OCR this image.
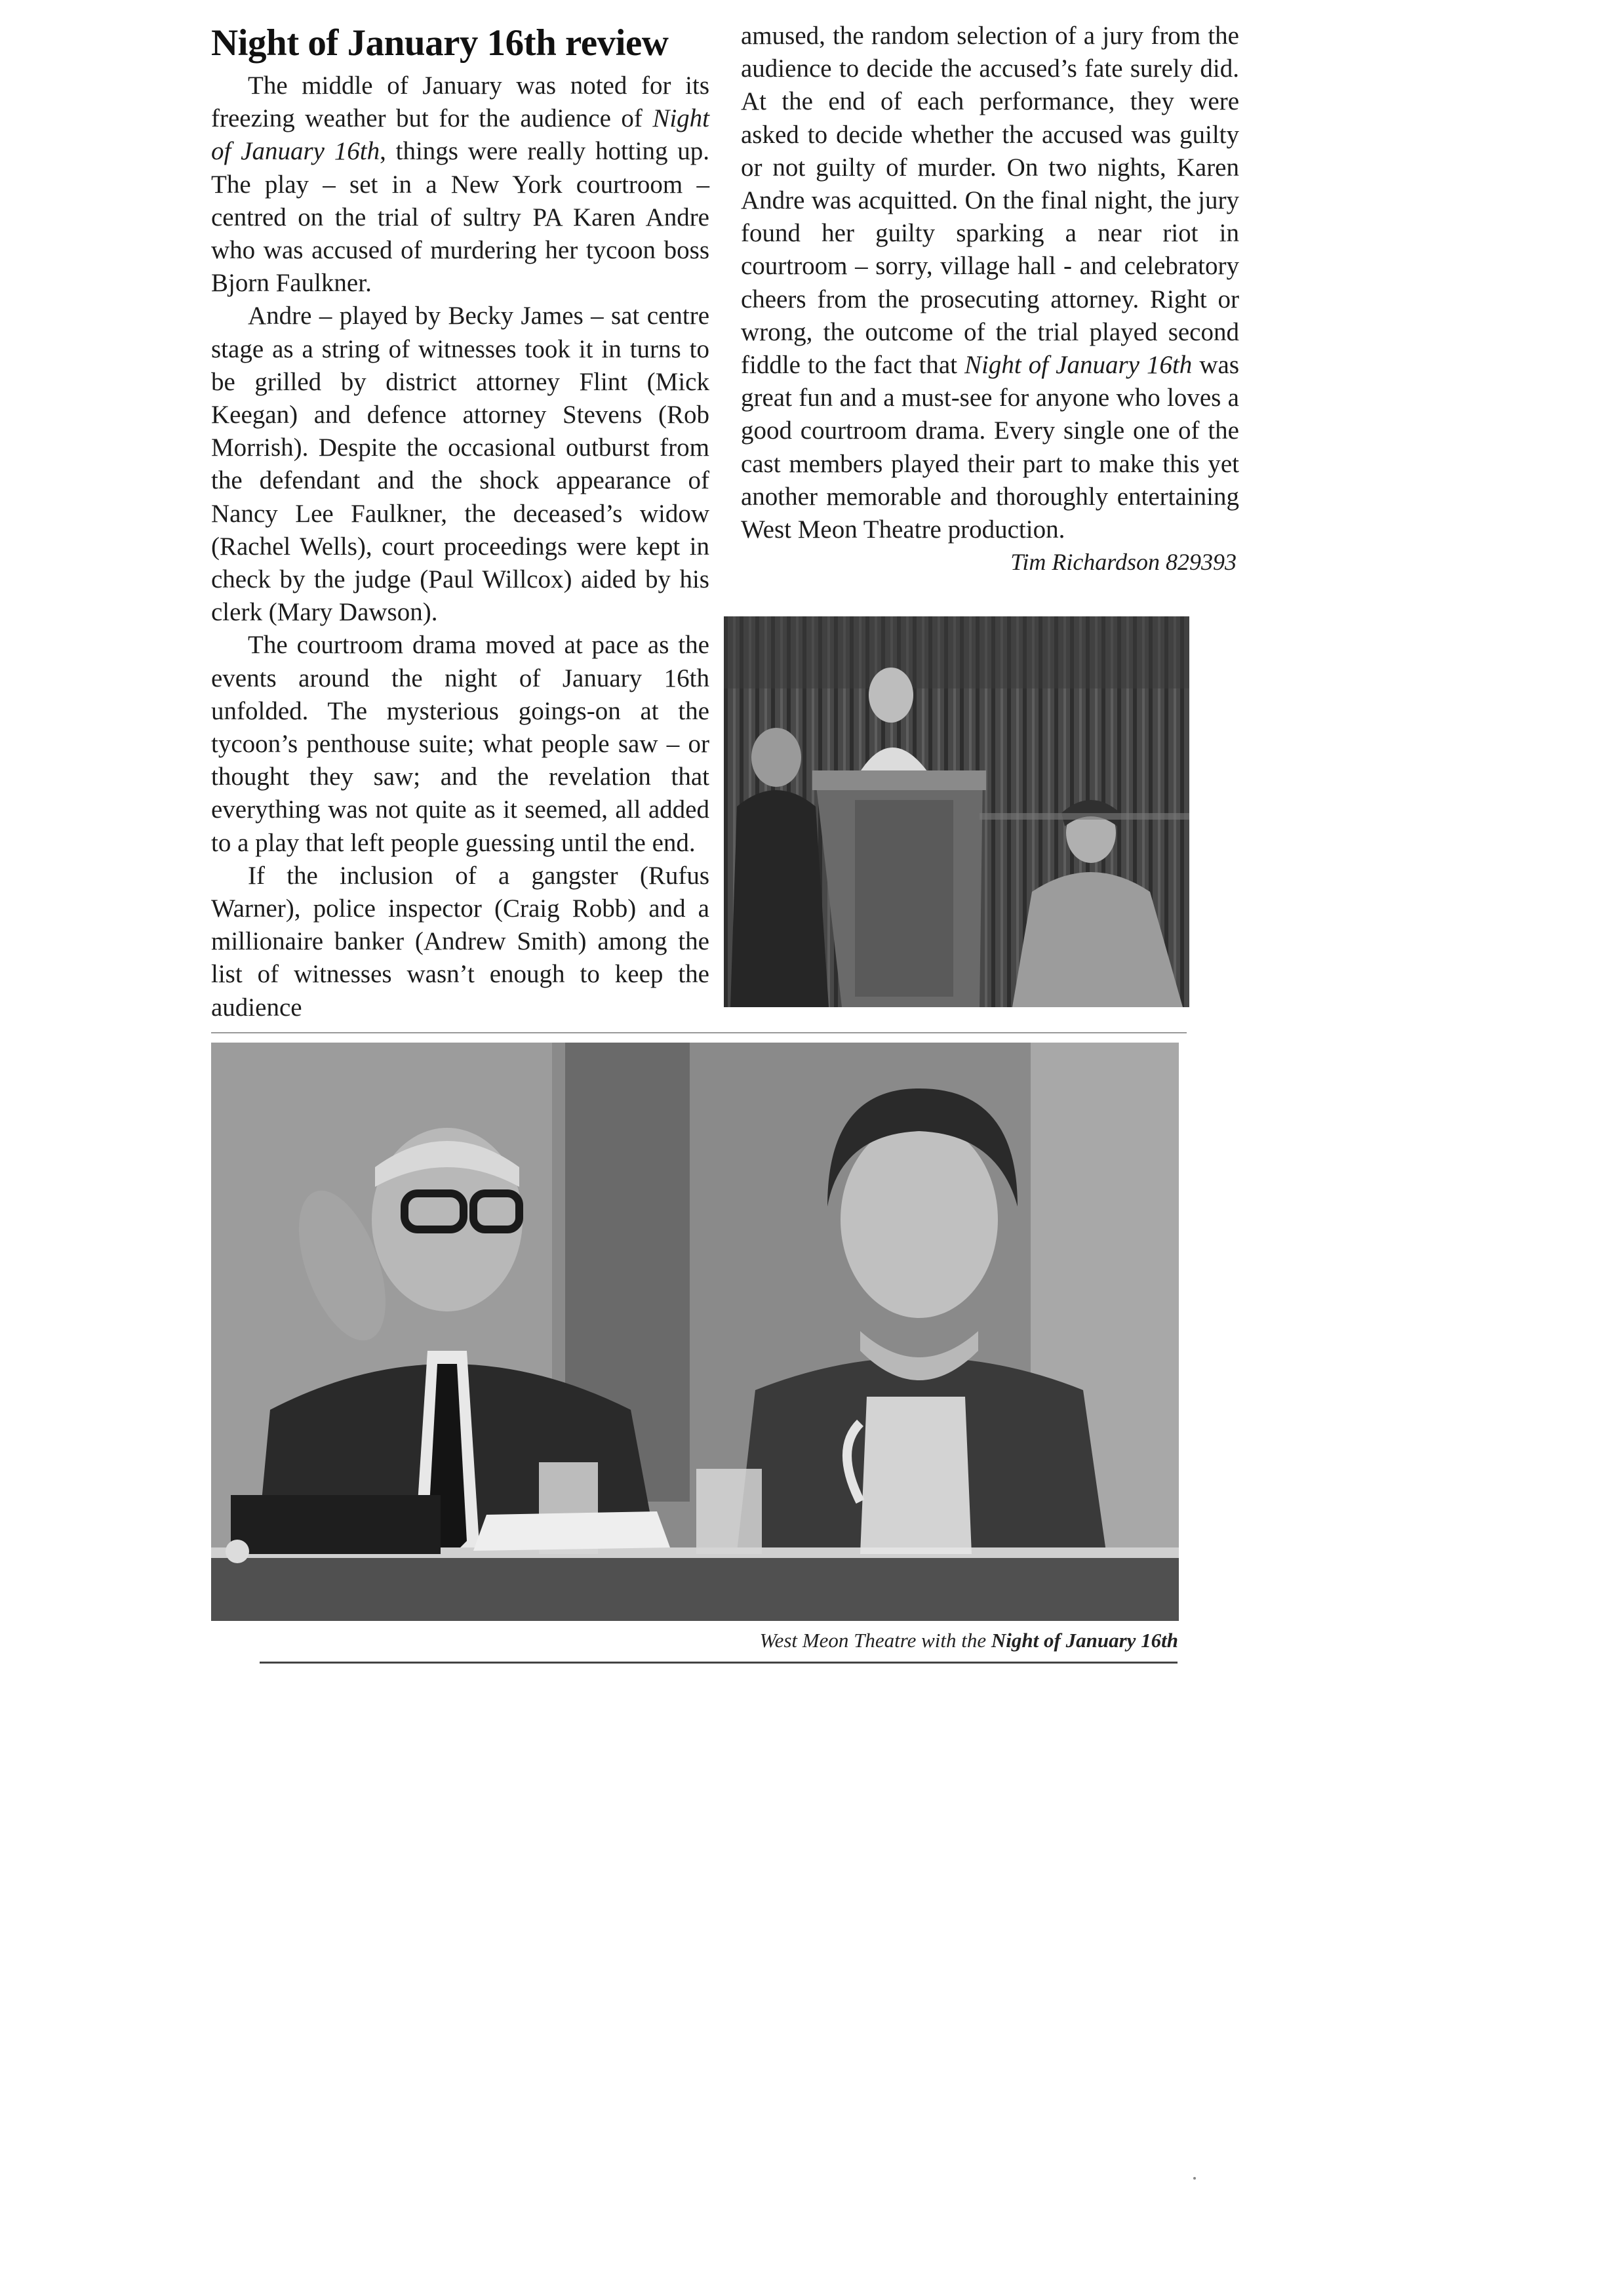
Night of January 16th review

The middle of January was noted for its freezing weather but for the audience of Night of January 16th, things were really hotting up. The play – set in a New York courtroom – centred on the trial of sultry PA Karen Andre who was accused of murdering her tycoon boss Bjorn Faulkner.

Andre – played by Becky James – sat centre stage as a string of witnesses took it in turns to be grilled by district attorney Flint (Mick Keegan) and defence attorney Stevens (Rob Morrish). Despite the occasional outburst from the defendant and the shock appearance of Nancy Lee Faulkner, the deceased’s widow (Rachel Wells), court proceedings were kept in check by the judge (Paul Willcox) aided by his clerk (Mary Dawson).

The courtroom drama moved at pace as the events around the night of January 16th unfolded. The mysterious goings-on at the tycoon’s penthouse suite; what people saw – or thought they saw; and the revelation that everything was not quite as it seemed, all added to a play that left people guessing until the end.

If the inclusion of a gangster (Rufus Warner), police inspector (Craig Robb) and a millionaire banker (Andrew Smith) among the list of witnesses wasn’t enough to keep the audience

amused, the random selection of a jury from the audience to decide the accused’s fate surely did. At the end of each performance, they were asked to decide whether the accused was guilty or not guilty of murder. On two nights, Karen Andre was acquitted. On the final night, the jury found her guilty sparking a near riot in courtroom – sorry, village hall - and celebratory cheers from the prosecuting attorney. Right or wrong, the outcome of the trial played second fiddle to the fact that Night of January 16th was great fun and a must-see for anyone who loves a good courtroom drama. Every single one of the cast members played their part to make this yet another memorable and thoroughly entertaining West Meon Theatre production.

Tim Richardson 829393

West Meon Theatre with the Night of January 16th
